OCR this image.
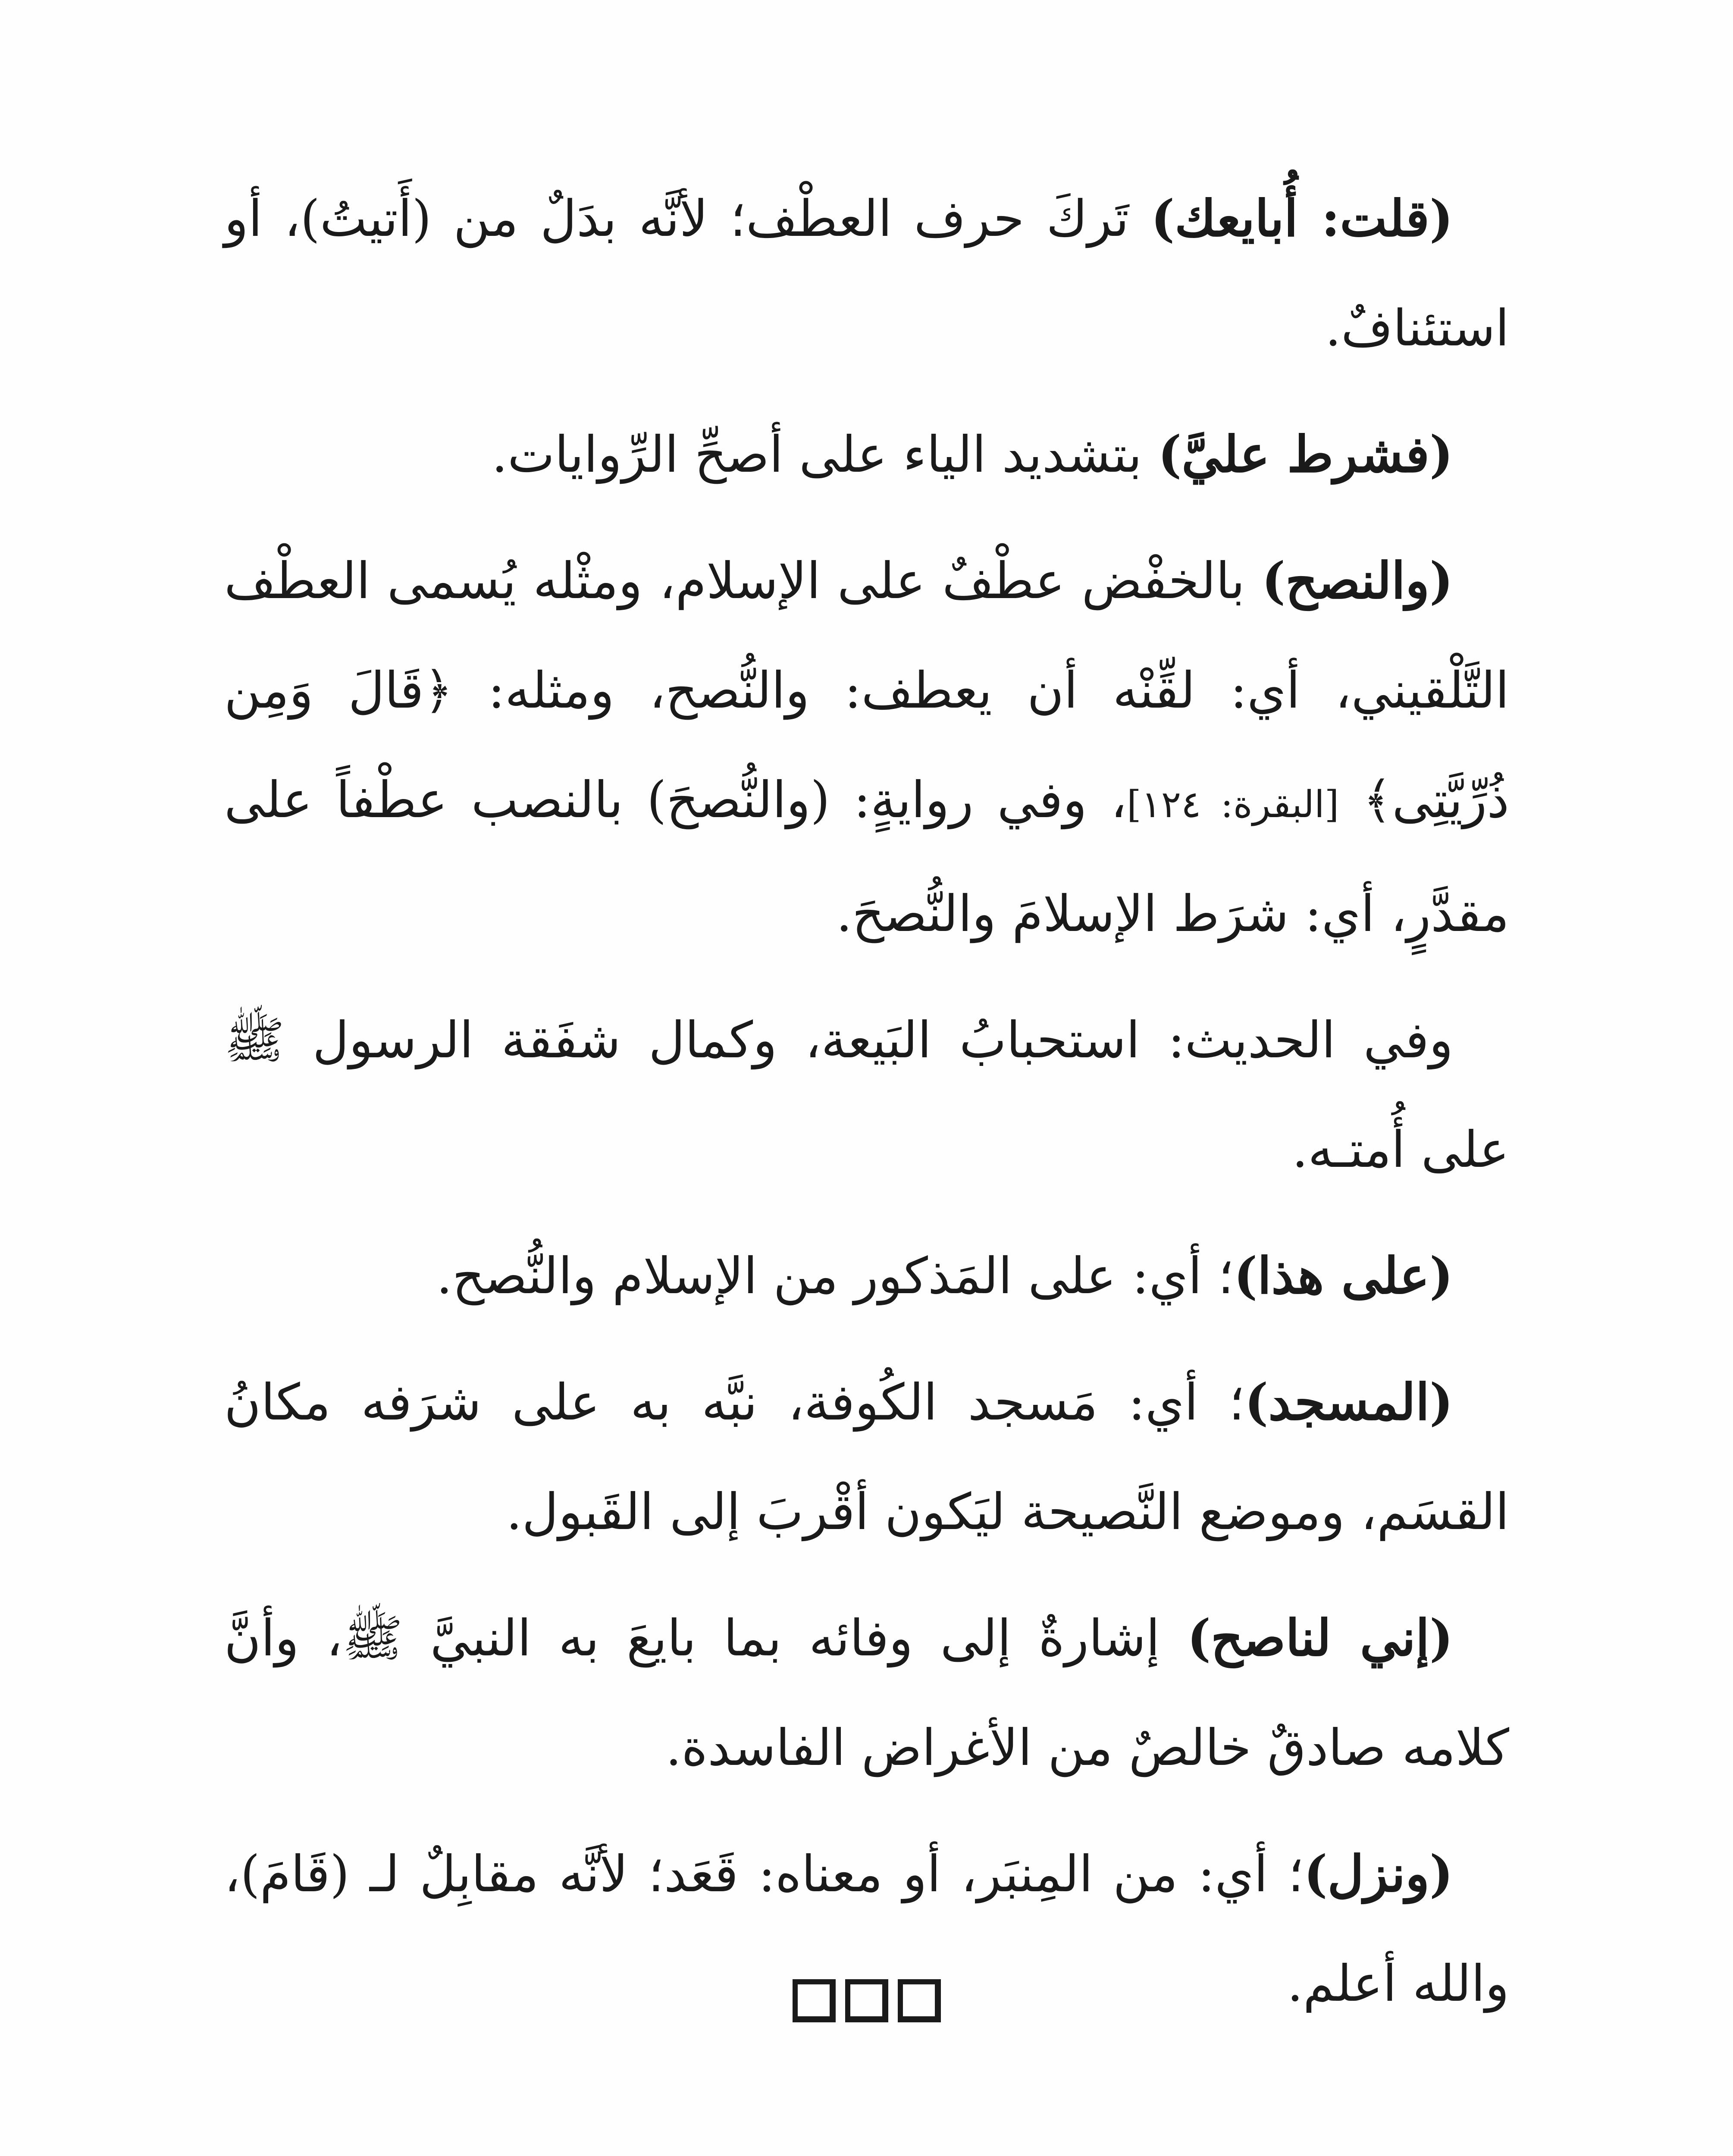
(قلت: أُبايعك) تَركَ حرف العطْف؛ لأنَّه بدَلٌ من (أَتيتُ)، أو استئنافٌ.

(فشرط عليَّ) بتشديد الياء على أصحِّ الرِّوايات.

(والنصح) بالخفْض عطْفٌ على الإسلام، ومثْله يُسمى العطْف التَّلْقيني، أي: لقِّنْه أن يعطف: والنُّصح، ومثله: ﴿قَالَ وَمِن ذُرِّيَّتِى﴾ [البقرة: ١٢٤]، وفي روايةٍ: (والنُّصحَ) بالنصب عطْفاً على مقدَّرٍ، أي: شرَط الإسلامَ والنُّصحَ.

وفي الحديث: استحبابُ البَيعة، وكمال شفَقة الرسول ﷺ على أُمتـه.

(على هذا)؛ أي: على المَذكور من الإسلام والنُّصح.

(المسجد)؛ أي: مَسجد الكُوفة، نبَّه به على شرَفه مكانُ القسَم، وموضع النَّصيحة ليَكون أقْربَ إلى القَبول.

(إني لناصح) إشارةٌ إلى وفائه بما بايعَ به النبيَّ ﷺ، وأنَّ كلامه صادقٌ خالصٌ من الأغراض الفاسدة.

(ونزل)؛ أي: من المِنبَر، أو معناه: قَعَد؛ لأنَّه مقابِلٌ لـ (قَامَ)، والله أعلم.
